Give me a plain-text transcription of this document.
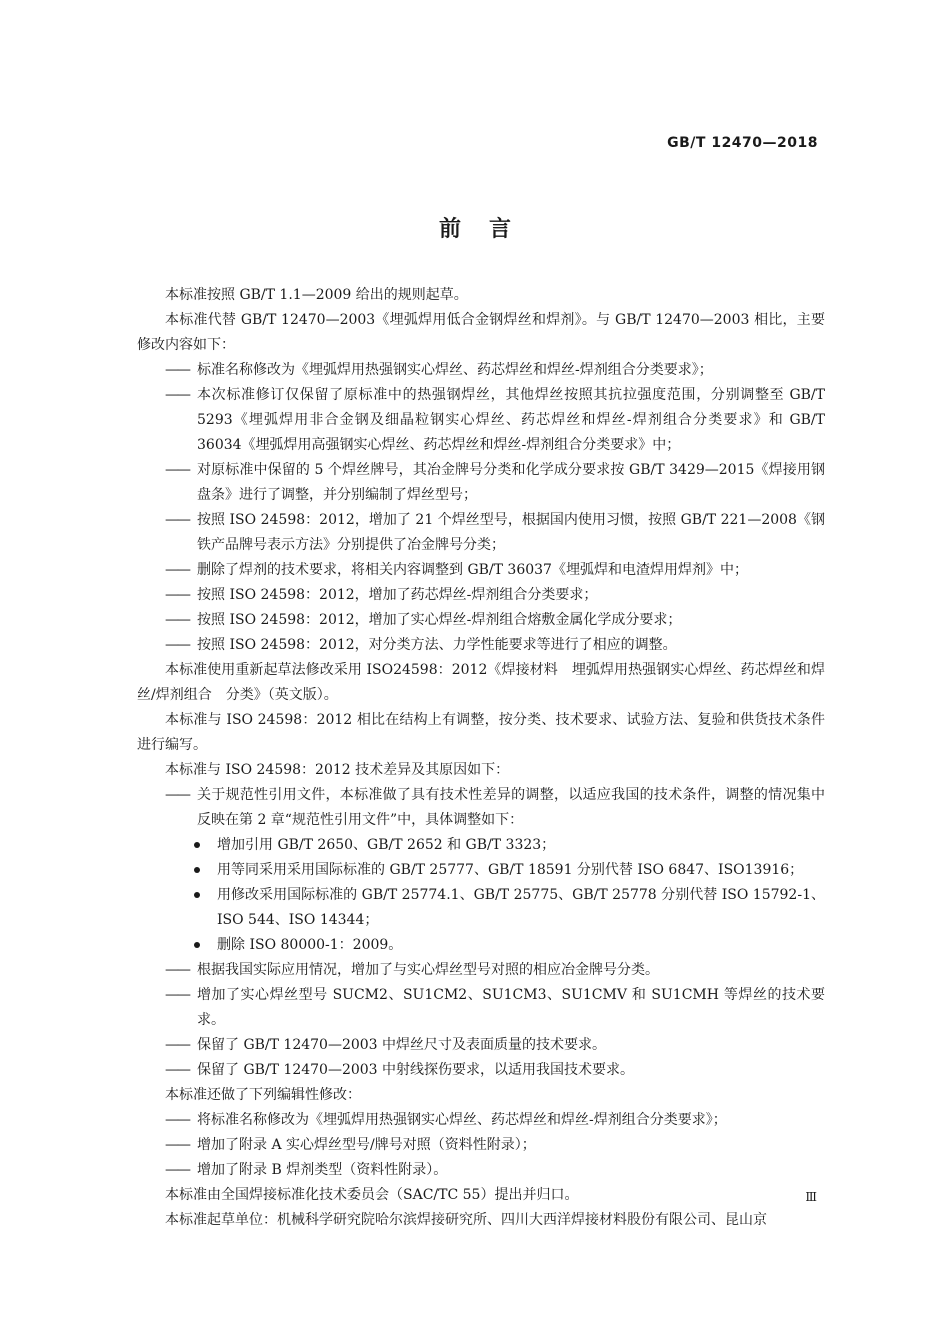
GB/T 12470—2018
前言
本标准按照 GB/T 1.1—2009 给出的规则起草。
本标准代替 GB/T 12470—2003《埋弧焊用低合金钢焊丝和焊剂》。与 GB/T 12470—2003 相比，主要修改内容如下：
—— 标准名称修改为《埋弧焊用热强钢实心焊丝、药芯焊丝和焊丝-焊剂组合分类要求》；
—— 本次标准修订仅保留了原标准中的热强钢焊丝，其他焊丝按照其抗拉强度范围，分别调整至 GB/T 5293《埋弧焊用非合金钢及细晶粒钢实心焊丝、药芯焊丝和焊丝-焊剂组合分类要求》和 GB/T 36034《埋弧焊用高强钢实心焊丝、药芯焊丝和焊丝-焊剂组合分类要求》中；
—— 对原标准中保留的 5 个焊丝牌号，其冶金牌号分类和化学成分要求按 GB/T 3429—2015《焊接用钢盘条》进行了调整，并分别编制了焊丝型号；
—— 按照 ISO 24598：2012，增加了 21 个焊丝型号，根据国内使用习惯，按照 GB/T 221—2008《钢铁产品牌号表示方法》分别提供了冶金牌号分类；
—— 删除了焊剂的技术要求，将相关内容调整到 GB/T 36037《埋弧焊和电渣焊用焊剂》中；
—— 按照 ISO 24598：2012，增加了药芯焊丝-焊剂组合分类要求；
—— 按照 ISO 24598：2012，增加了实心焊丝-焊剂组合熔敷金属化学成分要求；
—— 按照 ISO 24598：2012，对分类方法、力学性能要求等进行了相应的调整。
本标准使用重新起草法修改采用 ISO24598：2012《焊接材料　埋弧焊用热强钢实心焊丝、药芯焊丝和焊丝/焊剂组合　分类》（英文版）。
本标准与 ISO 24598：2012 相比在结构上有调整，按分类、技术要求、试验方法、复验和供货技术条件进行编写。
本标准与 ISO 24598：2012 技术差异及其原因如下：
—— 关于规范性引用文件，本标准做了具有技术性差异的调整，以适应我国的技术条件，调整的情况集中反映在第 2 章“规范性引用文件”中，具体调整如下：
增加引用 GB/T 2650、GB/T 2652 和 GB/T 3323；
用等同采用采用国际标准的 GB/T 25777、GB/T 18591 分别代替 ISO 6847、ISO13916；
用修改采用国际标准的 GB/T 25774.1、GB/T 25775、GB/T 25778 分别代替 ISO 15792-1、ISO 544、ISO 14344；
删除 ISO 80000-1：2009。
—— 根据我国实际应用情况，增加了与实心焊丝型号对照的相应冶金牌号分类。
—— 增加了实心焊丝型号 SUCM2、SU1CM2、SU1CM3、SU1CMV 和 SU1CMH 等焊丝的技术要求。
—— 保留了 GB/T 12470—2003 中焊丝尺寸及表面质量的技术要求。
—— 保留了 GB/T 12470—2003 中射线探伤要求，以适用我国技术要求。
本标准还做了下列编辑性修改：
—— 将标准名称修改为《埋弧焊用热强钢实心焊丝、药芯焊丝和焊丝-焊剂组合分类要求》；
—— 增加了附录 A 实心焊丝型号/牌号对照（资料性附录）；
—— 增加了附录 B 焊剂类型（资料性附录）。
本标准由全国焊接标准化技术委员会（SAC/TC 55）提出并归口。
本标准起草单位：机械科学研究院哈尔滨焊接研究所、四川大西洋焊接材料股份有限公司、昆山京
Ⅲ
